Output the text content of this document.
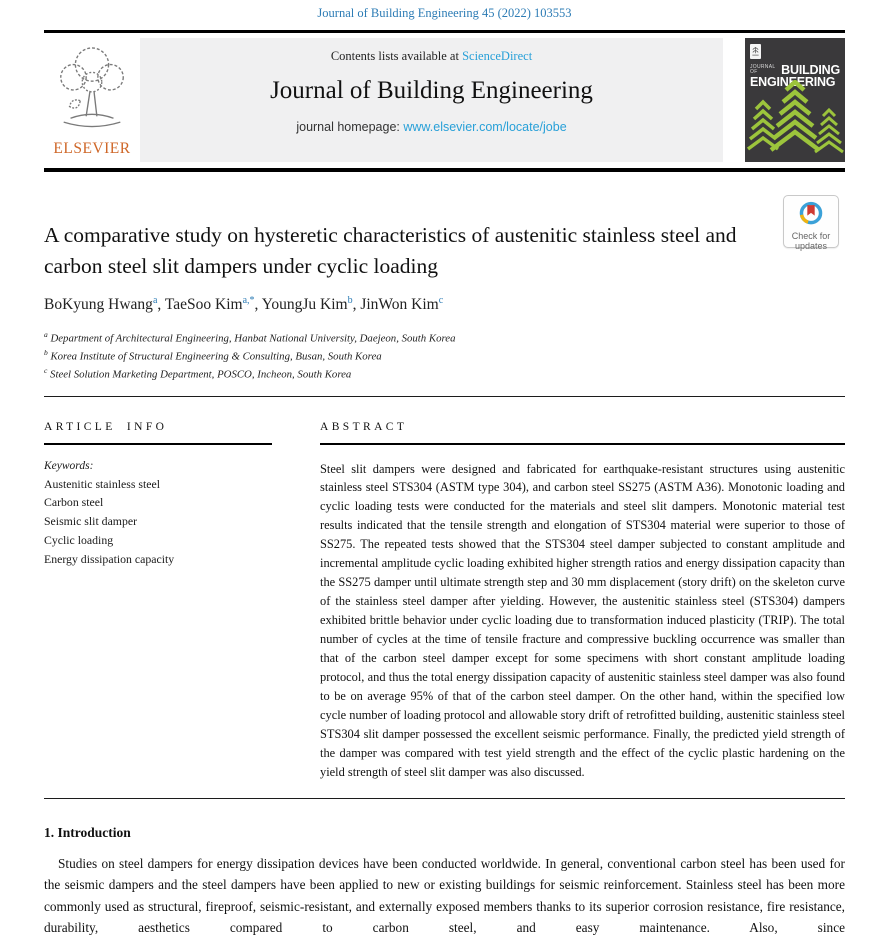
Journal of Building Engineering 45 (2022) 103553
ELSEVIER
Contents lists available at ScienceDirect
Journal of Building Engineering
journal homepage: www.elsevier.com/locate/jobe
JOURNAL OF	BUILDING
ENGINEERING
A comparative study on hysteretic characteristics of austenitic stainless steel and carbon steel slit dampers under cyclic loading
Check for
updates
BoKyung Hwang$^a$, TaeSoo Kim$^{a,*}$, YoungJu Kim$^b$, JinWon Kim$^c$
$^a$ Department of Architectural Engineering, Hanbat National University, Daejeon, South Korea
$^b$ Korea Institute of Structural Engineering & Consulting, Busan, South Korea
$^c$ Steel Solution Marketing Department, POSCO, Incheon, South Korea
ARTICLE INFO
Keywords:
Austenitic stainless steel
Carbon steel
Seismic slit damper
Cyclic loading
Energy dissipation capacity
ABSTRACT

Steel slit dampers were designed and fabricated for earthquake-resistant structures using austenitic stainless steel STS304 (ASTM type 304), and carbon steel SS275 (ASTM A36). Monotonic loading and cyclic loading tests were conducted for the materials and steel slit dampers. Monotonic material test results indicated that the tensile strength and elongation of STS304 material were superior to those of SS275. The repeated tests showed that the STS304 steel damper subjected to constant amplitude and incremental amplitude cyclic loading exhibited higher strength ratios and energy dissipation capacity than the SS275 damper until ultimate strength step and 30 mm displacement (story drift) on the skeleton curve of the stainless steel damper after yielding. However, the austenitic stainless steel (STS304) dampers exhibited brittle behavior under cyclic loading due to transformation induced plasticity (TRIP). The total number of cycles at the time of tensile fracture and compressive buckling occurrence was smaller than that of the carbon steel damper except for some specimens with short constant amplitude loading protocol, and thus the total energy dissipation capacity of austenitic stainless steel damper was also found to be on average 95% of that of the carbon steel damper. On the other hand, within the specified low cycle number of loading protocol and allowable story drift of retrofitted building, austenitic stainless steel STS304 slit damper possessed the excellent seismic performance. Finally, the predicted yield strength of the damper was compared with test yield strength and the effect of the cyclic plastic hardening on the yield strength of steel slit damper was also discussed.

1. Introduction

Studies on steel dampers for energy dissipation devices have been conducted worldwide. In general, conventional carbon steel has been used for the seismic dampers and the steel dampers have been applied to new or existing buildings for seismic reinforcement. Stainless steel has been more commonly used as structural, fireproof, seismic-resistant, and externally exposed members thanks to its superior corrosion resistance, fire resistance, durability, aesthetics compared to carbon steel, and easy maintenance. Also, since
